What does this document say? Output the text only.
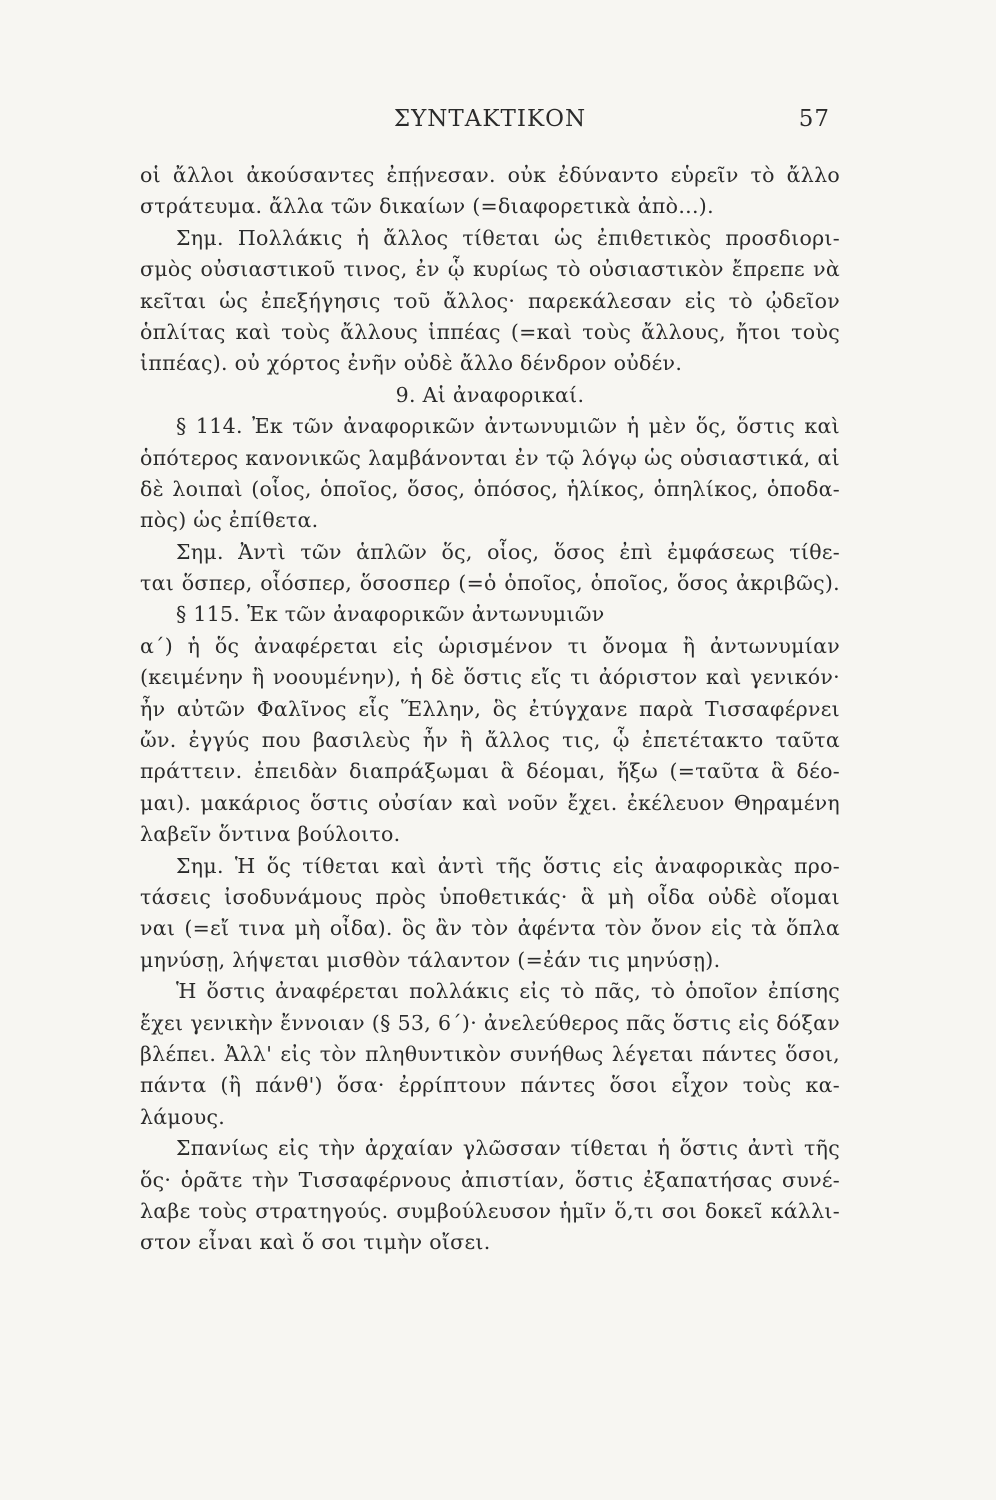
ΣΥΝΤΑΚΤΙΚΟΝ	57
οἱ ἄλλοι ἀκούσαντες ἐπῄνεσαν. οὐκ ἐδύναντο εὑρεῖν τὸ ἄλλο
στράτευμα. ἄλλα τῶν δικαίων (=διαφορετικὰ ἀπὸ...).
Σημ. Πολλάκις ἡ ἄλλος τίθεται ὡς ἐπιθετικὸς προσδιορι-
σμὸς οὐσιαστικοῦ τινος, ἐν ᾧ κυρίως τὸ οὐσιαστικὸν ἔπρεπε νὰ
κεῖται ὡς ἐπεξήγησις τοῦ ἄλλος· παρεκάλεσαν εἰς τὸ ᾠδεῖον
ὁπλίτας καὶ τοὺς ἄλλους ἱππέας (=καὶ τοὺς ἄλλους, ἤτοι τοὺς
ἱππέας). οὐ χόρτος ἐνῆν οὐδὲ ἄλλο δένδρον οὐδέν.
9. Αἱ ἀναφορικαί.
§ 114. Ἐκ τῶν ἀναφορικῶν ἀντωνυμιῶν ἡ μὲν ὅς, ὅστις καὶ
ὁπότερος κανονικῶς λαμβάνονται ἐν τῷ λόγῳ ὡς οὐσιαστικά, αἱ
δὲ λοιπαὶ (οἷος, ὁποῖος, ὅσος, ὁπόσος, ἡλίκος, ὁπηλίκος, ὁποδα-
πὸς) ὡς ἐπίθετα.
Σημ. Ἀντὶ τῶν ἁπλῶν ὅς, οἷος, ὅσος ἐπὶ ἐμφάσεως τίθε-
ται ὅσπερ, οἷόσπερ, ὅσοσπερ (=ὁ ὁποῖος, ὁποῖος, ὅσος ἀκριβῶς).
§ 115. Ἐκ τῶν ἀναφορικῶν ἀντωνυμιῶν
α΄) ἡ ὅς ἀναφέρεται εἰς ὡρισμένον τι ὄνομα ἢ ἀντωνυμίαν
(κειμένην ἢ νοουμένην), ἡ δὲ ὅστις εἴς τι ἀόριστον καὶ γενικόν·
ἦν αὐτῶν Φαλῖνος εἷς Ἕλλην, ὃς ἐτύγχανε παρὰ Τισσαφέρνει
ὤν. ἐγγύς που βασιλεὺς ἦν ἢ ἄλλος τις, ᾧ ἐπετέτακτο ταῦτα
πράττειν. ἐπειδὰν διαπράξωμαι ἃ δέομαι, ἥξω (=ταῦτα ἃ δέο-
μαι). μακάριος ὅστις οὐσίαν καὶ νοῦν ἔχει. ἐκέλευον Θηραμένη
λαβεῖν ὅντινα βούλοιτο.
Σημ. Ἡ ὅς τίθεται καὶ ἀντὶ τῆς ὅστις εἰς ἀναφορικὰς προ-
τάσεις ἰσοδυνάμους πρὸς ὑποθετικάς· ἃ μὴ οἶδα οὐδὲ οἴομαι
ναι (=εἴ τινα μὴ οἶδα). ὃς ἂν τὸν ἀφέντα τὸν ὄνον εἰς τὰ ὅπλα
μηνύσῃ, λήψεται μισθὸν τάλαντον (=ἐάν τις μηνύσῃ).
Ἡ ὅστις ἀναφέρεται πολλάκις εἰς τὸ πᾶς, τὸ ὁποῖον ἐπίσης
ἔχει γενικὴν ἔννοιαν (§ 53, 6΄)· ἀνελεύθερος πᾶς ὅστις εἰς δόξαν
βλέπει. Ἀλλ' εἰς τὸν πληθυντικὸν συνήθως λέγεται πάντες ὅσοι,
πάντα (ἢ πάνθ') ὅσα· ἐρρίπτουν πάντες ὅσοι εἶχον τοὺς κα-
λάμους.
Σπανίως εἰς τὴν ἀρχαίαν γλῶσσαν τίθεται ἡ ὅστις ἀντὶ τῆς
ὅς· ὁρᾶτε τὴν Τισσαφέρνους ἀπιστίαν, ὅστις ἐξαπατήσας συνέ-
λαβε τοὺς στρατηγούς. συμβούλευσον ἡμῖν ὅ,τι σοι δοκεῖ κάλλι-
στον εἶναι καὶ ὅ σοι τιμὴν οἴσει.
